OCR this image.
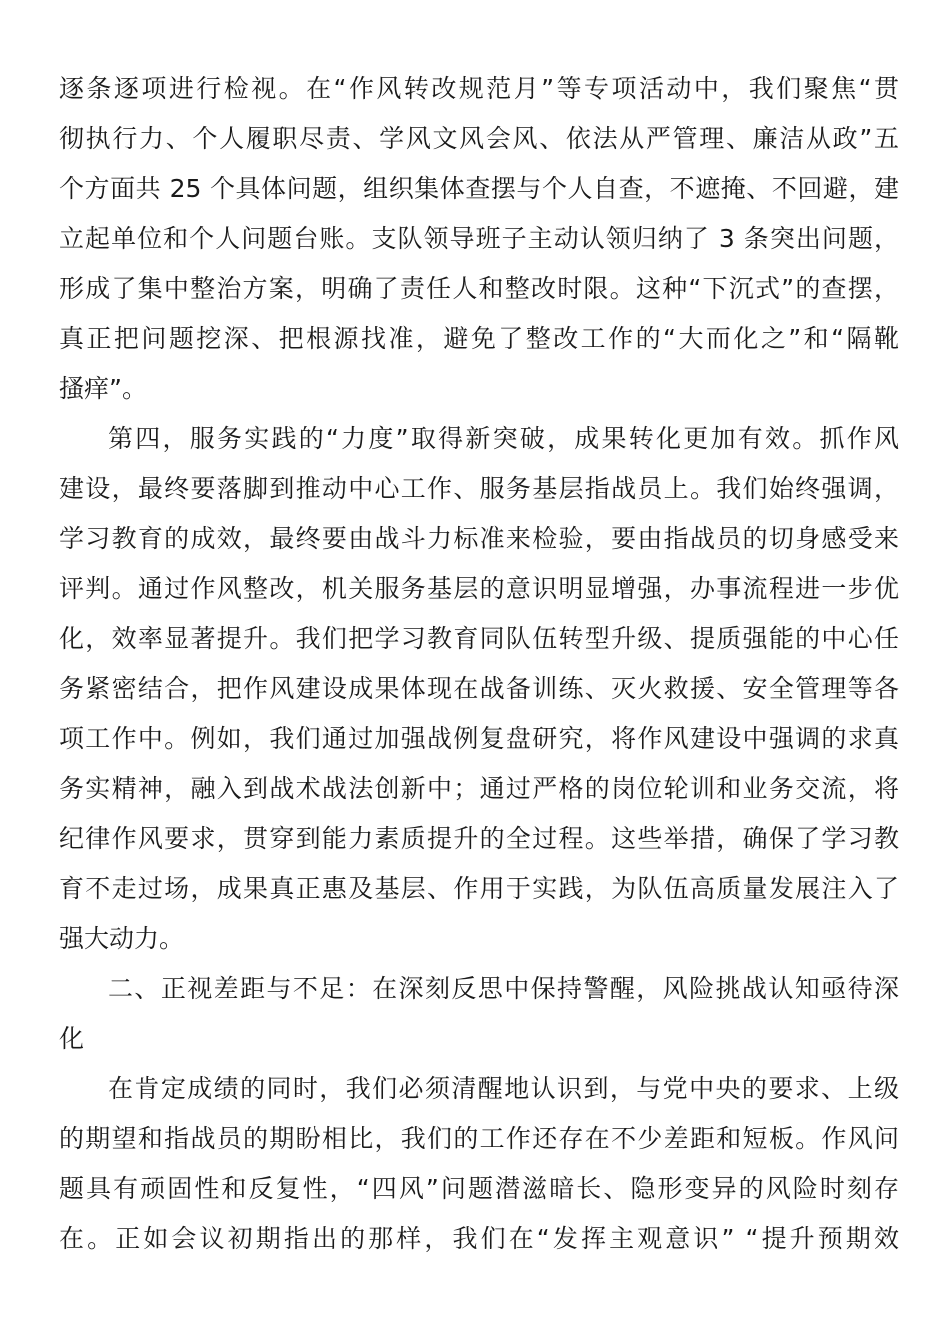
逐条逐项进行检视。在“作风转改规范月”等专项活动中，我们聚焦“贯
彻执行力、个人履职尽责、学风文风会风、依法从严管理、廉洁从政”五
个方面共 25 个具体问题，组织集体查摆与个人自查，不遮掩、不回避，建
立起单位和个人问题台账。支队领导班子主动认领归纳了 3 条突出问题，
形成了集中整治方案，明确了责任人和整改时限。这种“下沉式”的查摆，
真正把问题挖深、把根源找准，避免了整改工作的“大而化之”和“隔靴
搔痒”。
第四，服务实践的“力度”取得新突破，成果转化更加有效。抓作风
建设，最终要落脚到推动中心工作、服务基层指战员上。我们始终强调，
学习教育的成效，最终要由战斗力标准来检验，要由指战员的切身感受来
评判。通过作风整改，机关服务基层的意识明显增强，办事流程进一步优
化，效率显著提升。我们把学习教育同队伍转型升级、提质强能的中心任
务紧密结合，把作风建设成果体现在战备训练、灭火救援、安全管理等各
项工作中。例如，我们通过加强战例复盘研究，将作风建设中强调的求真
务实精神，融入到战术战法创新中；通过严格的岗位轮训和业务交流，将
纪律作风要求，贯穿到能力素质提升的全过程。这些举措，确保了学习教
育不走过场，成果真正惠及基层、作用于实践，为队伍高质量发展注入了
强大动力。
二、正视差距与不足：在深刻反思中保持警醒，风险挑战认知亟待深
化
在肯定成绩的同时，我们必须清醒地认识到，与党中央的要求、上级
的期望和指战员的期盼相比，我们的工作还存在不少差距和短板。作风问
题具有顽固性和反复性，“四风”问题潜滋暗长、隐形变异的风险时刻存
在。正如会议初期指出的那样，我们在“发挥主观意识” “提升预期效
